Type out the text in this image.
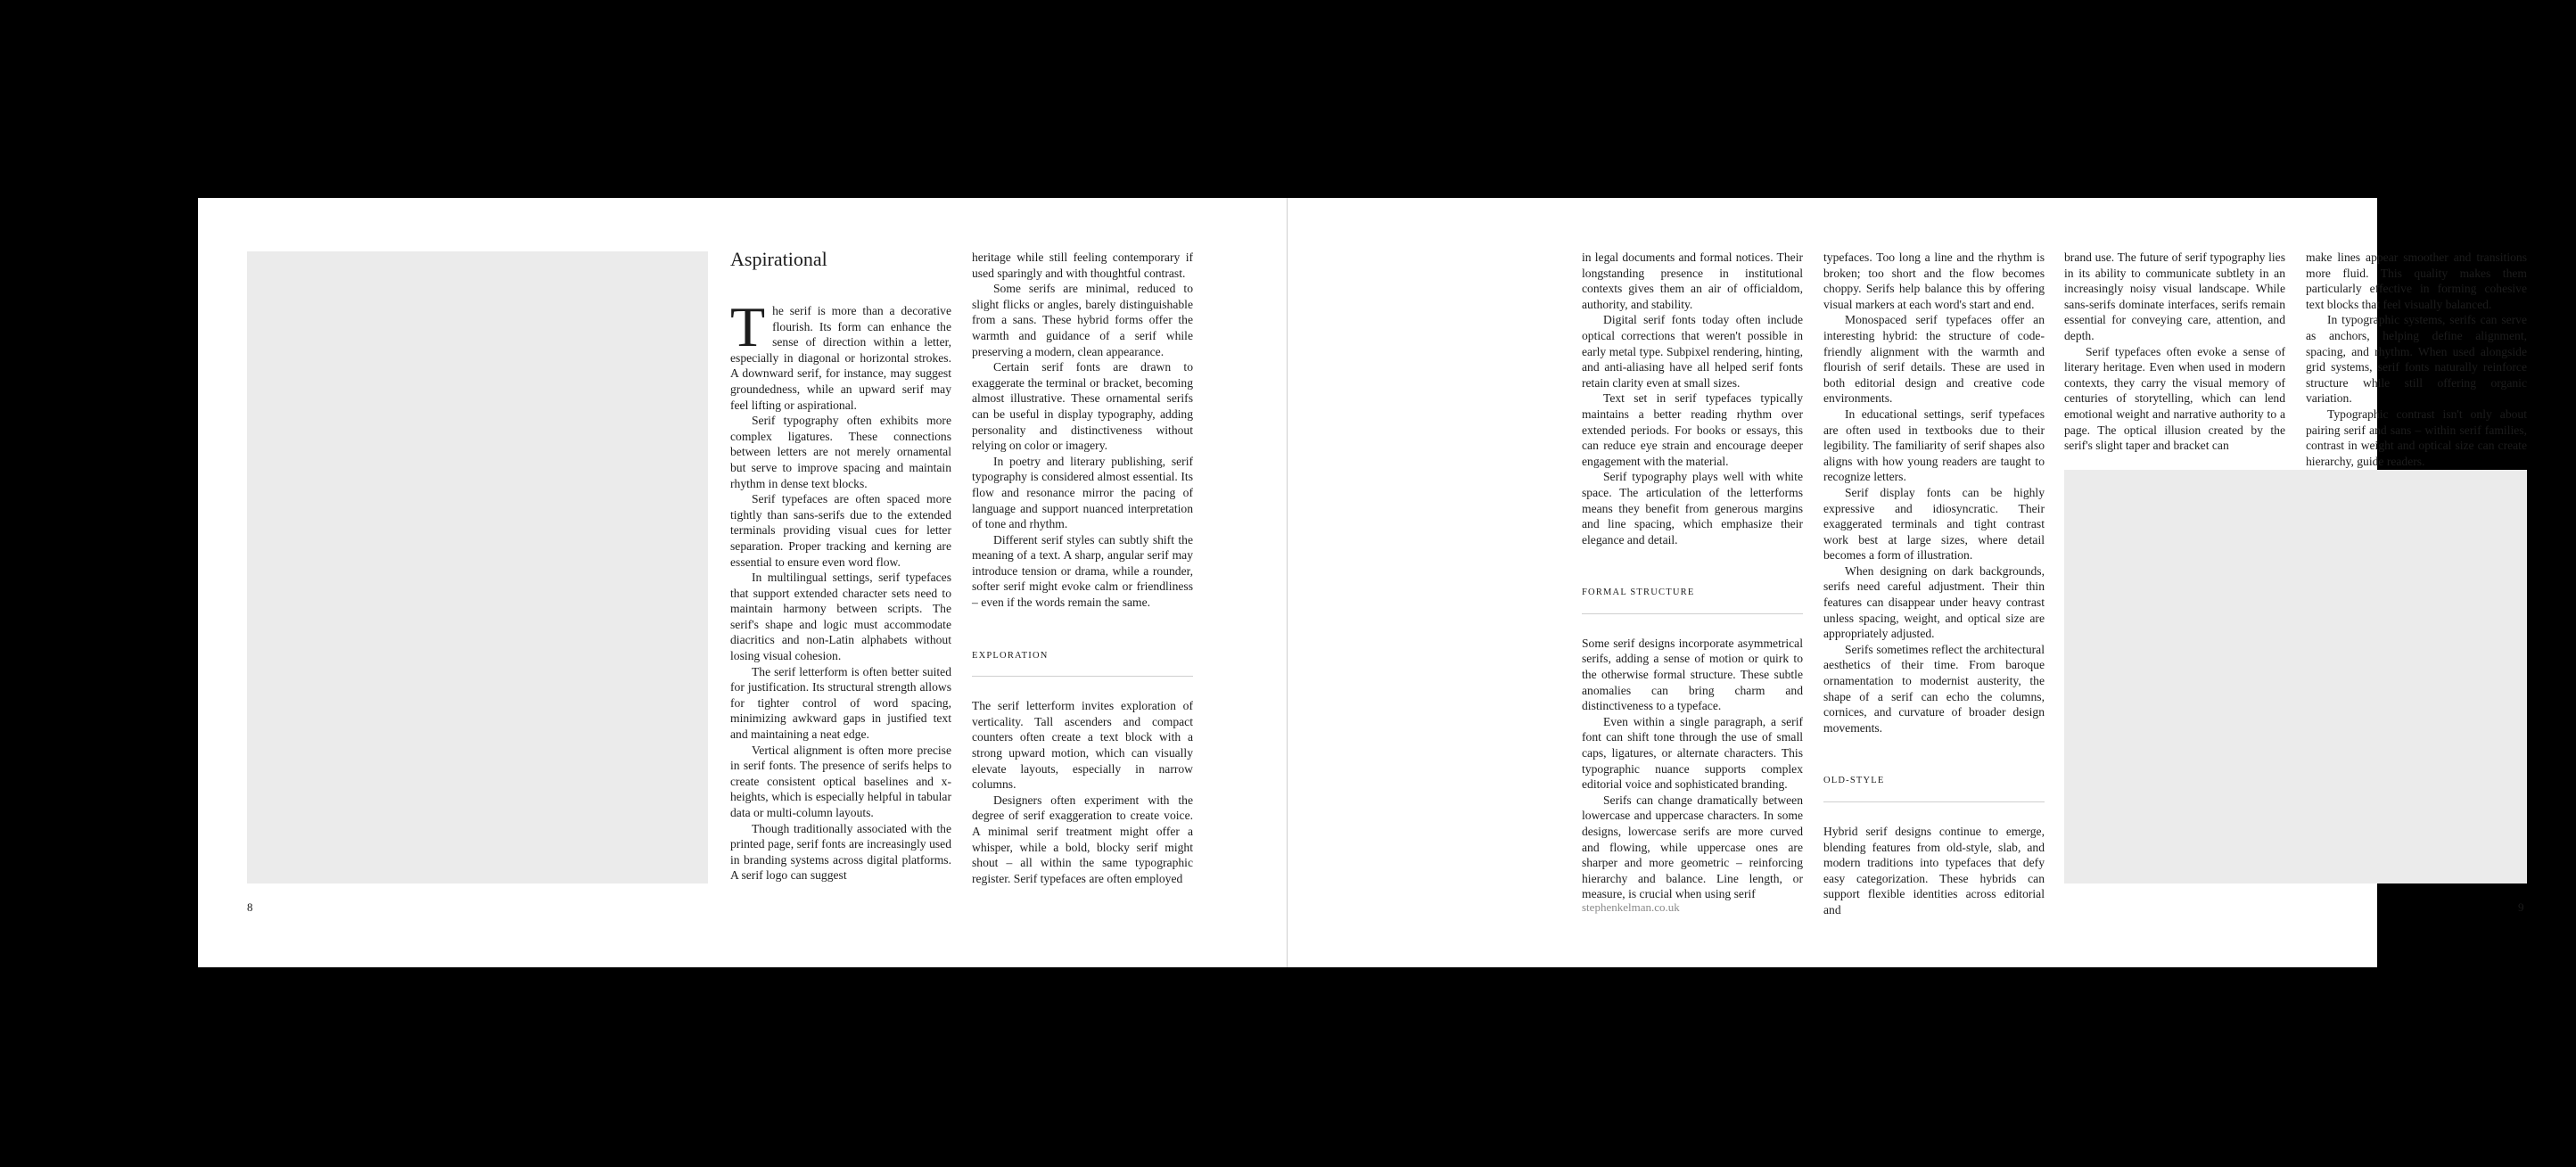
Aspirational

The serif is more than a decorative flourish. Its form can enhance the sense of direction within a letter, especially in diagonal or horizontal strokes. A downward serif, for instance, may suggest groundedness, while an upward serif may feel lifting or aspirational.

Serif typography often exhibits more complex ligatures. These connections between letters are not merely ornamental but serve to improve spacing and maintain rhythm in dense text blocks.

Serif typefaces are often spaced more tightly than sans-serifs due to the extended terminals providing visual cues for letter separation. Proper tracking and kerning are essential to ensure even word flow.

In multilingual settings, serif typefaces that support extended character sets need to maintain harmony between scripts. The serif's shape and logic must accommodate diacritics and non-Latin alphabets without losing visual cohesion.

The serif letterform is often better suited for justification. Its structural strength allows for tighter control of word spacing, minimizing awkward gaps in justified text and maintaining a neat edge.

Vertical alignment is often more precise in serif fonts. The presence of serifs helps to create consistent optical baselines and x-heights, which is especially helpful in tabular data or multi-column layouts.

Though traditionally associated with the printed page, serif fonts are increasingly used in branding systems across digital platforms. A serif logo can suggest

heritage while still feeling contemporary if used sparingly and with thoughtful contrast.

Some serifs are minimal, reduced to slight flicks or angles, barely distinguishable from a sans. These hybrid forms offer the warmth and guidance of a serif while preserving a modern, clean appearance.

Certain serif fonts are drawn to exaggerate the terminal or bracket, becoming almost illustrative. These ornamental serifs can be useful in display typography, adding personality and distinctiveness without relying on color or imagery.

In poetry and literary publishing, serif typography is considered almost essential. Its flow and resonance mirror the pacing of language and support nuanced interpretation of tone and rhythm.

Different serif styles can subtly shift the meaning of a text. A sharp, angular serif may introduce tension or drama, while a rounder, softer serif might evoke calm or friendliness – even if the words remain the same.

EXPLORATION

The serif letterform invites exploration of verticality. Tall ascenders and compact counters often create a text block with a strong upward motion, which can visually elevate layouts, especially in narrow columns.

Designers often experiment with the degree of serif exaggeration to create voice. A minimal serif treatment might offer a whisper, while a bold, blocky serif might shout – all within the same typographic register. Serif typefaces are often employed

8

in legal documents and formal notices. Their longstanding presence in institutional contexts gives them an air of officialdom, authority, and stability.

Digital serif fonts today often include optical corrections that weren't possible in early metal type. Subpixel rendering, hinting, and anti-aliasing have all helped serif fonts retain clarity even at small sizes.

Text set in serif typefaces typically maintains a better reading rhythm over extended periods. For books or essays, this can reduce eye strain and encourage deeper engagement with the material.

Serif typography plays well with white space. The articulation of the letterforms means they benefit from generous margins and line spacing, which emphasize their elegance and detail.

FORMAL STRUCTURE

Some serif designs incorporate asymmetrical serifs, adding a sense of motion or quirk to the otherwise formal structure. These subtle anomalies can bring charm and distinctiveness to a typeface.

Even within a single paragraph, a serif font can shift tone through the use of small caps, ligatures, or alternate characters. This typographic nuance supports complex editorial voice and sophisticated branding.

Serifs can change dramatically between lowercase and uppercase characters. In some designs, lowercase serifs are more curved and flowing, while uppercase ones are sharper and more geometric – reinforcing hierarchy and balance. Line length, or measure, is crucial when using serif

typefaces. Too long a line and the rhythm is broken; too short and the flow becomes choppy. Serifs help balance this by offering visual markers at each word's start and end.

Monospaced serif typefaces offer an interesting hybrid: the structure of code-friendly alignment with the warmth and flourish of serif details. These are used in both editorial design and creative code environments.

In educational settings, serif typefaces are often used in textbooks due to their legibility. The familiarity of serif shapes also aligns with how young readers are taught to recognize letters.

Serif display fonts can be highly expressive and idiosyncratic. Their exaggerated terminals and tight contrast work best at large sizes, where detail becomes a form of illustration.

When designing on dark backgrounds, serifs need careful adjustment. Their thin features can disappear under heavy contrast unless spacing, weight, and optical size are appropriately adjusted.

Serifs sometimes reflect the architectural aesthetics of their time. From baroque ornamentation to modernist austerity, the shape of a serif can echo the columns, cornices, and curvature of broader design movements.

OLD-STYLE

Hybrid serif designs continue to emerge, blending features from old-style, slab, and modern traditions into typefaces that defy easy categorization. These hybrids can support flexible identities across editorial and

brand use. The future of serif typography lies in its ability to communicate subtlety in an increasingly noisy visual landscape. While sans-serifs dominate interfaces, serifs remain essential for conveying care, attention, and depth.

Serif typefaces often evoke a sense of literary heritage. Even when used in modern contexts, they carry the visual memory of centuries of storytelling, which can lend emotional weight and narrative authority to a page. The optical illusion created by the serif's slight taper and bracket can

make lines appear smoother and transitions more fluid. This quality makes them particularly effective in forming cohesive text blocks that feel visually balanced.

In typographic systems, serifs can serve as anchors, helping define alignment, spacing, and rhythm. When used alongside grid systems, serif fonts naturally reinforce structure while still offering organic variation.

Typographic contrast isn't only about pairing serif and sans – within serif families, contrast in weight and optical size can create hierarchy, guide readers.

stephenkelman.co.uk	9
